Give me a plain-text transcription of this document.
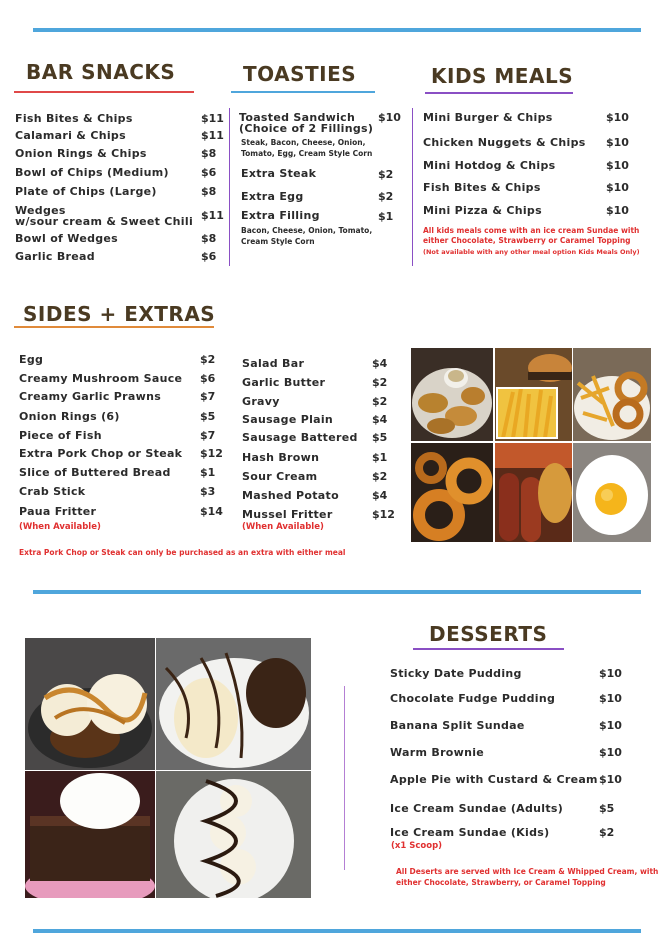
BAR SNACKS
Fish Bites & Chips	$11
Calamari & Chips	$11
Onion Rings & Chips	$8
Bowl of Chips (Medium)	$6
Plate of Chips (Large)	$8
Wedges
w/sour cream & Sweet Chili $11
Bowl of Wedges	$8
Garlic Bread	$6
TOASTIES
Toasted Sandwich
(Choice of 2 Fillings)
$10
Steak, Bacon, Cheese, Onion,
Tomato, Egg, Cream Style Corn
Extra Steak	$2
Extra Egg	$2
Extra Filling	$1
Bacon, Cheese, Onion, Tomato,
Cream Style Corn
KIDS MEALS
Mini Burger & Chips	$10
Chicken Nuggets & Chips $10
Mini Hotdog & Chips	$10
Fish Bites & Chips	$10
Mini Pizza & Chips	$10
All kids meals come with an ice cream Sundae with
either Chocolate, Strawberry or Caramel Topping
(Not available with any other meal option Kids Meals Only)
SIDES + EXTRAS
Egg	$2
Creamy Mushroom Sauce $6
Creamy Garlic Prawns	$7
Onion Rings (6)	$5
Piece of Fish	$7
Extra Pork Chop or Steak $12
Slice of Buttered Bread	$1
Crab Stick	$3
Paua Fritter	$14
(When Available)
Salad Bar	$4
Garlic Butter	$2
Gravy	$2
Sausage Plain	$4
Sausage Battered $5
Hash Brown	$1
Sour Cream	$2
Mashed Potato	$4
Mussel Fritter	$12
(When Available)
Extra Pork Chop or Steak can only be purchased as an extra with either meal
DESSERTS
Sticky Date Pudding	$10
Chocolate Fudge Pudding	$10
Banana Split Sundae	$10
Warm Brownie	$10
Apple Pie with Custard & Cream $10
Ice Cream Sundae (Adults)	$5
Ice Cream Sundae (Kids)	$2
(x1 Scoop)
All Deserts are served with Ice Cream & Whipped Cream, with
either Chocolate, Strawberry, or Caramel Topping
